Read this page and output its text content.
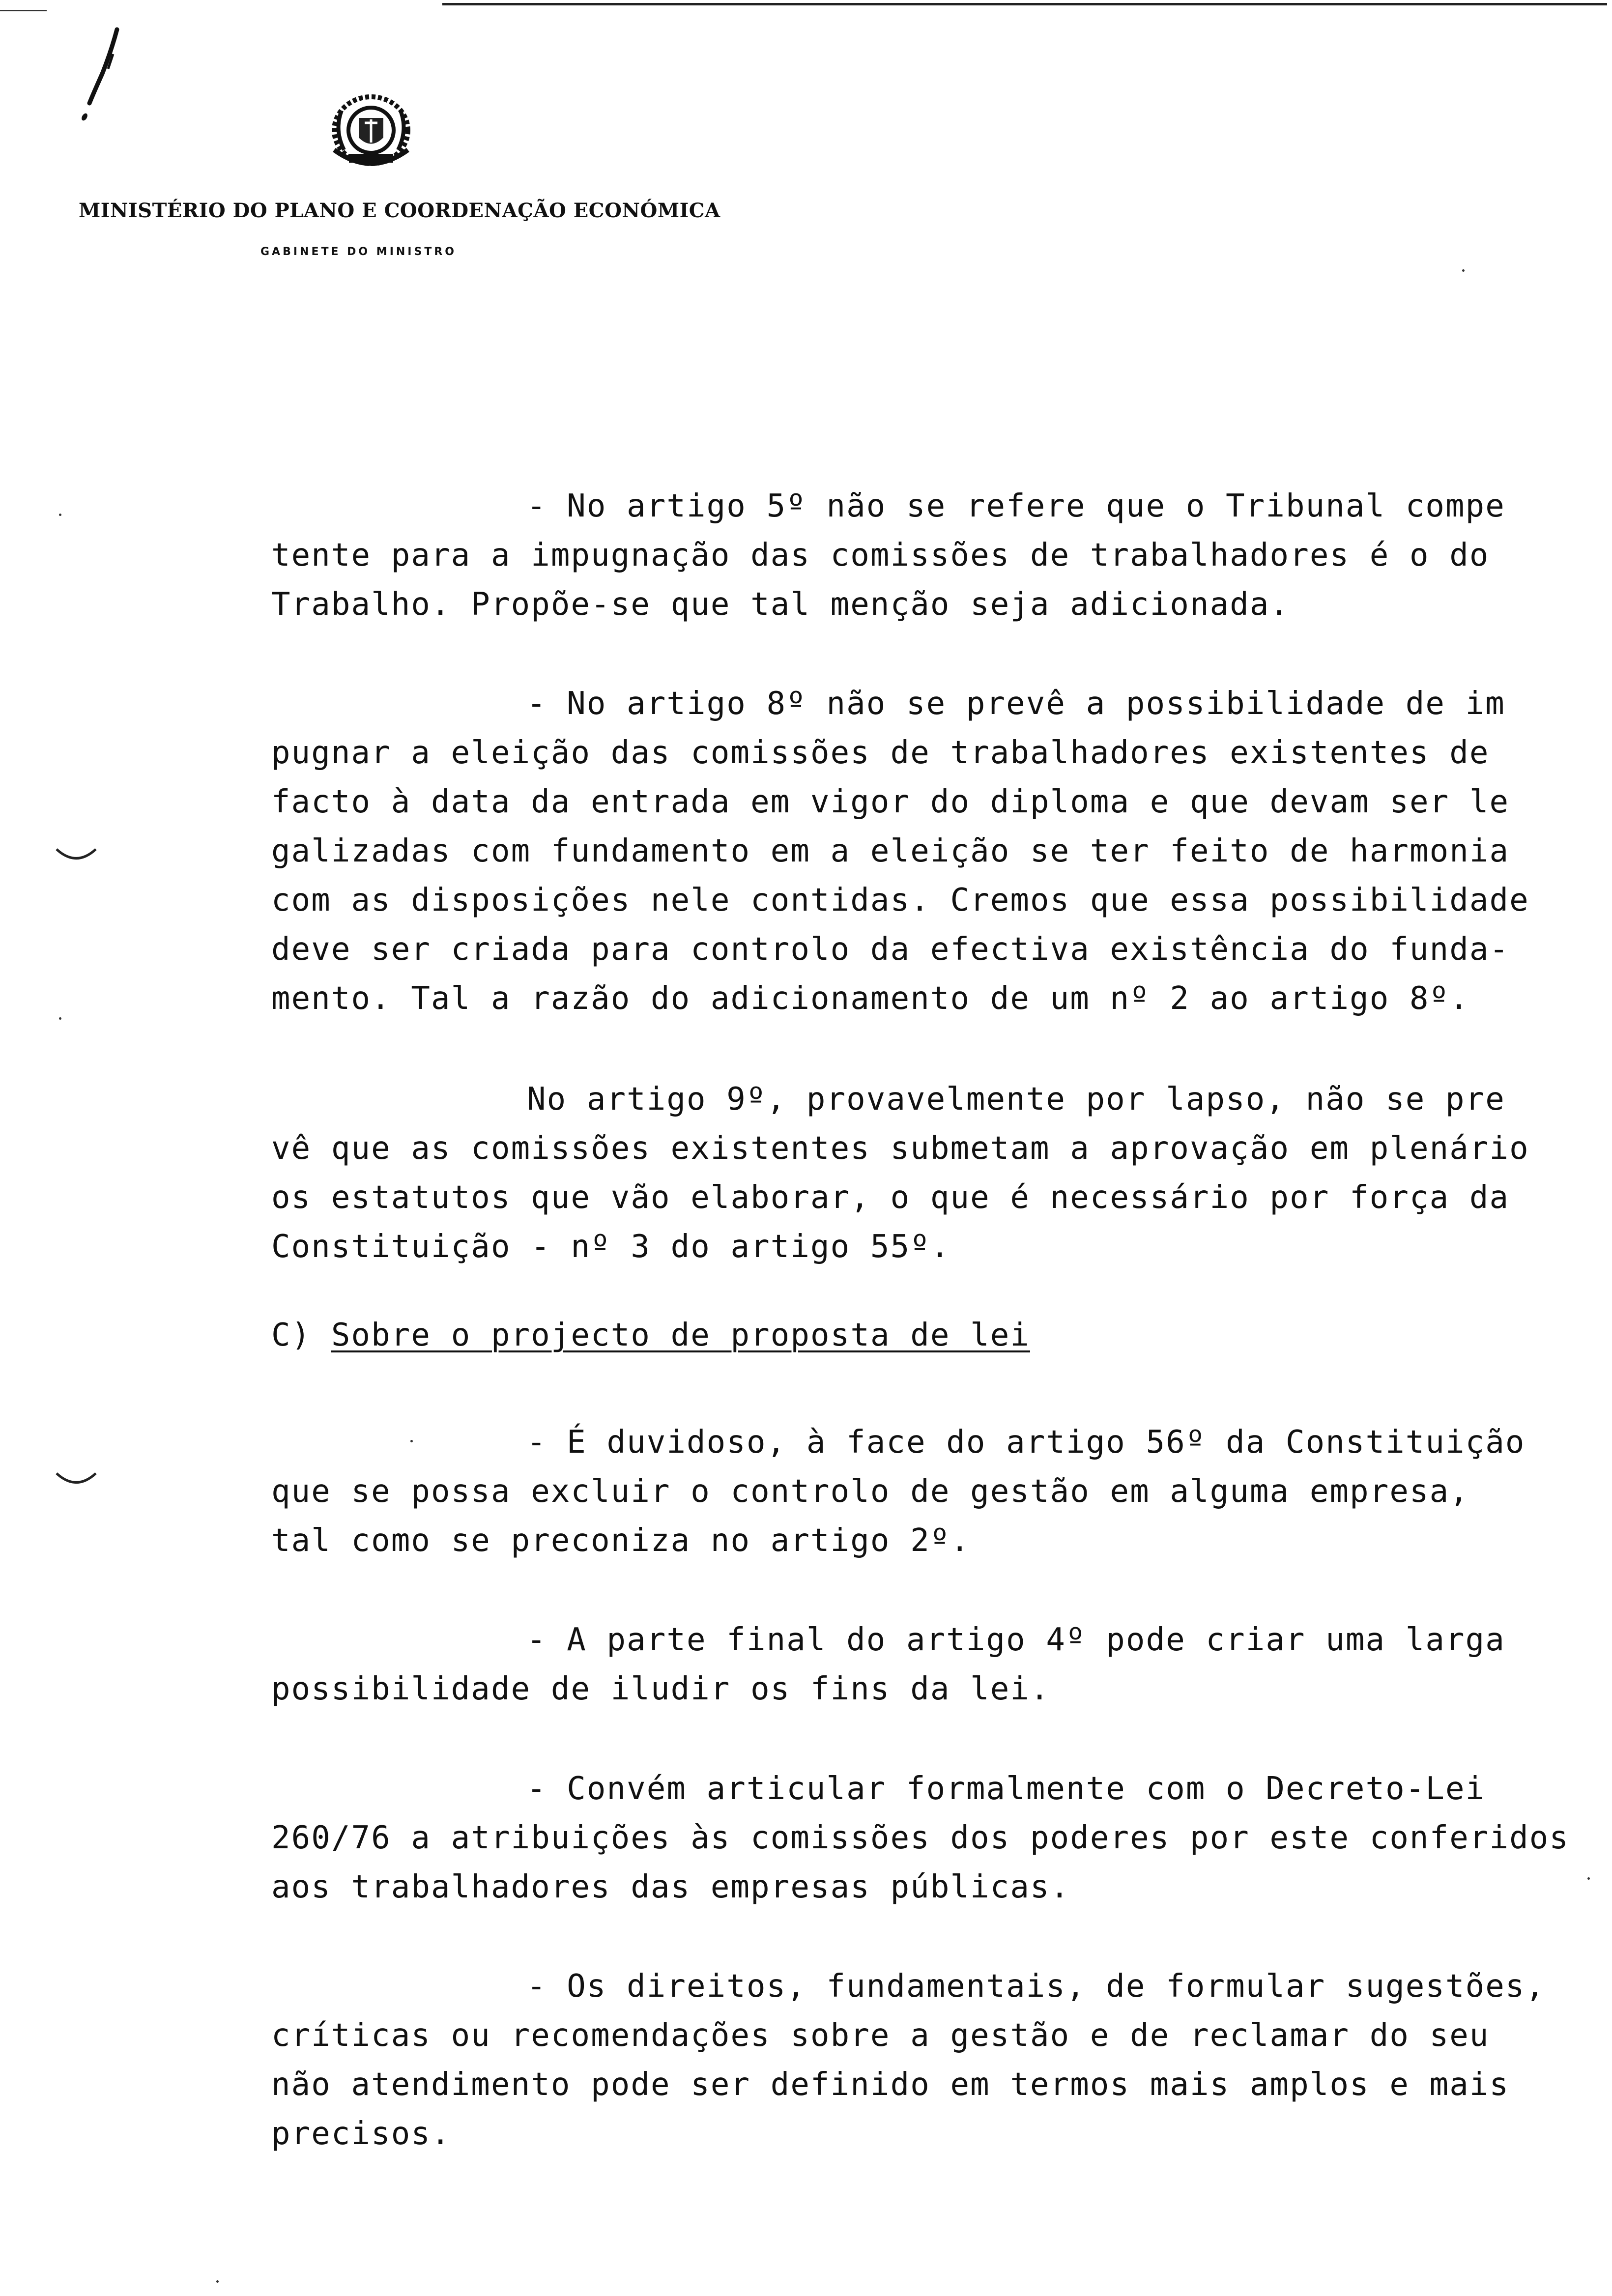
MINISTÉRIO DO PLANO E COORDENAÇÃO ECONÓMICA
GABINETE DO MINISTRO
- No artigo 5º não se refere que o Tribunal compe
tente para a impugnação das comissões de trabalhadores é o do
Trabalho. Propõe-se que tal menção seja adicionada.
- No artigo 8º não se prevê a possibilidade de im
pugnar a eleição das comissões de trabalhadores existentes de
facto à data da entrada em vigor do diploma e que devam ser le
galizadas com fundamento em a eleição se ter feito de harmonia
com as disposições nele contidas. Cremos que essa possibilidade
deve ser criada para controlo da efectiva existência do funda-
mento. Tal a razão do adicionamento de um nº 2 ao artigo 8º.
No artigo 9º, provavelmente por lapso, não se pre
vê que as comissões existentes submetam a aprovação em plenário
os estatutos que vão elaborar, o que é necessário por força da
Constituição - nº 3 do artigo 55º.
C) Sobre o projecto de proposta de lei
- É duvidoso, à face do artigo 56º da Constituição
que se possa excluir o controlo de gestão em alguma empresa,
tal como se preconiza no artigo 2º.
- A parte final do artigo 4º pode criar uma larga
possibilidade de iludir os fins da lei.
- Convém articular formalmente com o Decreto-Lei
260/76 a atribuições às comissões dos poderes por este conferidos
aos trabalhadores das empresas públicas.
- Os direitos, fundamentais, de formular sugestões,
críticas ou recomendações sobre a gestão e de reclamar do seu
não atendimento pode ser definido em termos mais amplos e mais
precisos.
